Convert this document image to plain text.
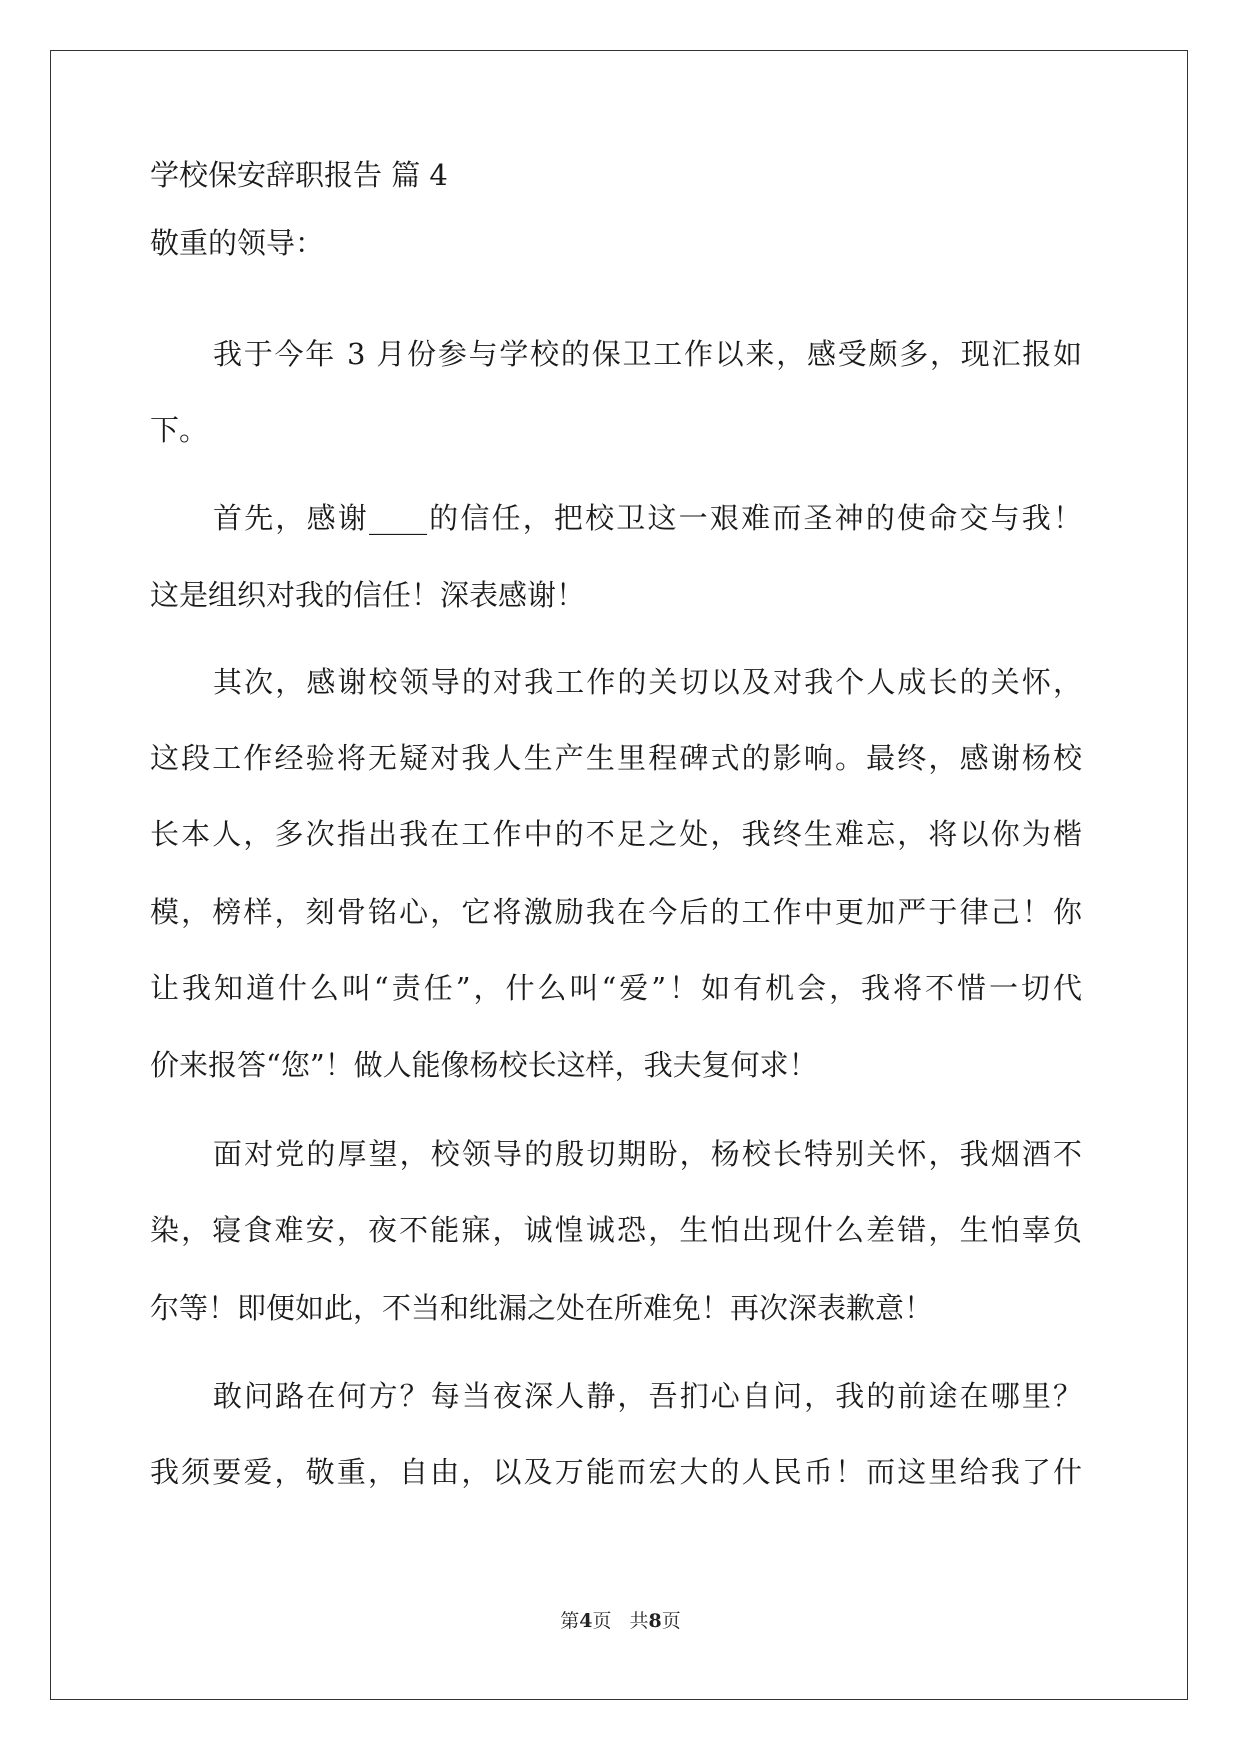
学校保安辞职报告 篇 4
敬重的领导：
我于今年 3 月份参与学校的保卫工作以来，感受颇多，现汇报如
下。
首先，感谢____的信任，把校卫这一艰难而圣神的使命交与我！
这是组织对我的信任！深表感谢！
其次，感谢校领导的对我工作的关切以及对我个人成长的关怀，
这段工作经验将无疑对我人生产生里程碑式的影响。最终，感谢杨校
长本人，多次指出我在工作中的不足之处，我终生难忘，将以你为楷
模，榜样，刻骨铭心，它将激励我在今后的工作中更加严于律己！你
让我知道什么叫“责任”，什么叫“爱”！如有机会，我将不惜一切代
价来报答“您”！做人能像杨校长这样，我夫复何求！
面对党的厚望，校领导的殷切期盼，杨校长特别关怀，我烟酒不
染，寝食难安，夜不能寐，诚惶诚恐，生怕出现什么差错，生怕辜负
尔等！即便如此，不当和纰漏之处在所难免！再次深表歉意！
敢问路在何方？每当夜深人静，吾扪心自问，我的前途在哪里？
我须要爱，敬重，自由，以及万能而宏大的人民币！而这里给我了什
第4页 共8页
